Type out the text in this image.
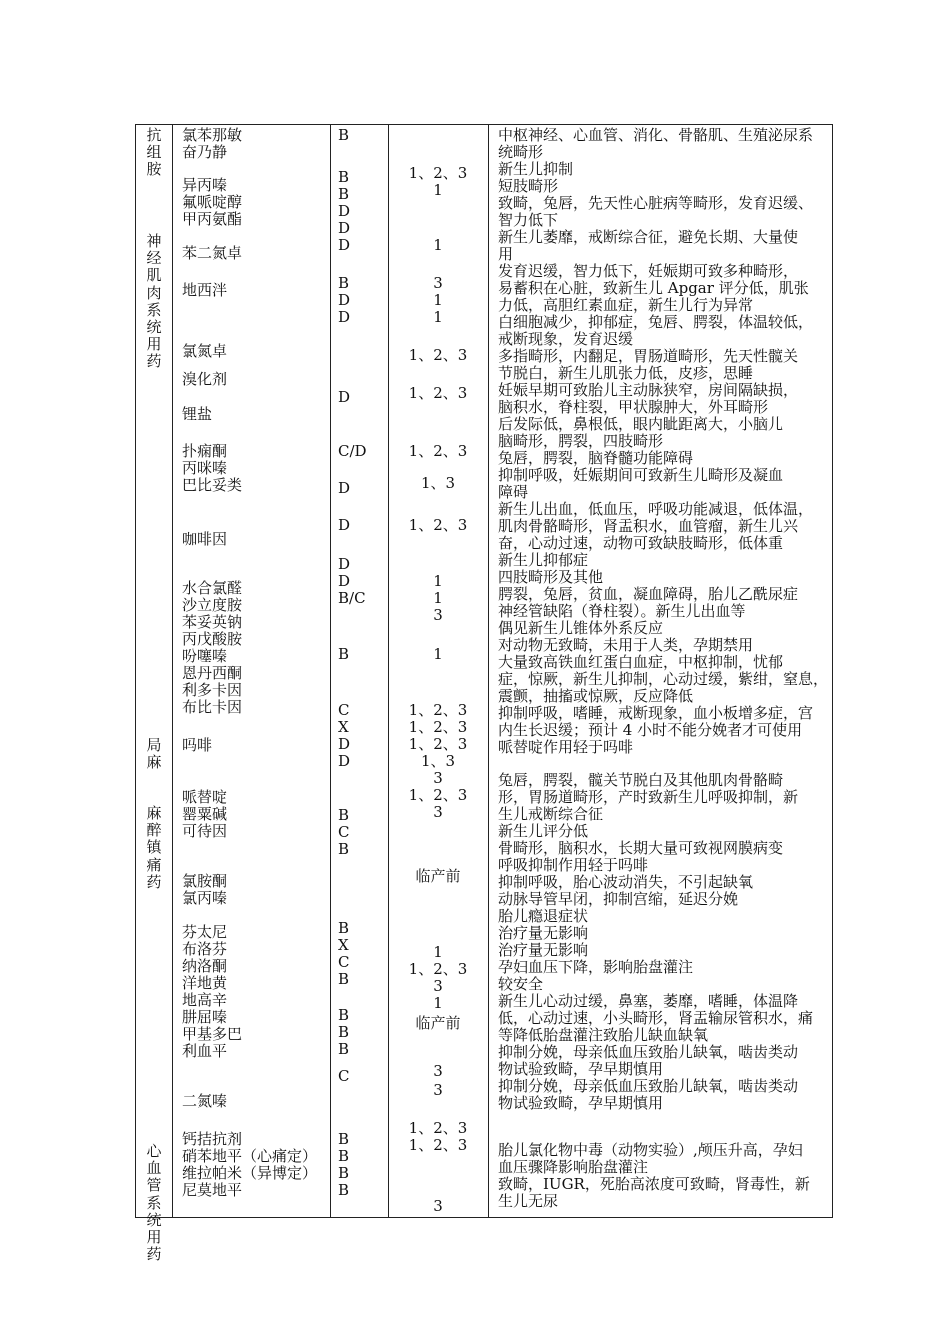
抗
组
胺
神
经
肌
肉
系
统
用
药
局
麻
麻
醉
镇
痛
药
心
血
管
系
统
用
药
氯苯那敏
奋乃静
异丙嗪
氟哌啶醇
甲丙氨酯
苯二氮卓
地西泮
氯氮卓
溴化剂
锂盐
扑痫酮
丙咪嗪
巴比妥类
咖啡因
水合氯醛
沙立度胺
苯妥英钠
丙戊酸胺
吩噻嗪
恩丹西酮
利多卡因
布比卡因
吗啡
哌替啶
罂粟碱
可待因
氯胺酮
氯丙嗪
芬太尼
布洛芬
纳洛酮
洋地黄
地高辛
肼屈嗪
甲基多巴
利血平
二氮嗪
钙拮抗剂
硝苯地平（心痛定）
维拉帕米（异博定）
尼莫地平
B
B
B
D
D
D
B
D
D
D
C/D
D
D
D
D
B/C
B
C
X
D
D
B
C
B
B
X
C
B
B
B
B
C
B
B
B
B
1、2、3
1
1
3
1
1
1、2、3
1、2、3
1、2、3
1、3
1、2、3
1
1
3
1
1、2、3
1、2、3
1、2、3
1、3
3
1、2、3
3
临产前
1
1、2、3
3
1
临产前
3
3
1、2、3
1、2、3
3
中枢神经、心血管、消化、骨骼肌、生殖泌尿系
统畸形
新生儿抑制
短肢畸形
致畸，兔唇，先天性心脏病等畸形，发育迟缓、
智力低下
新生儿萎靡，戒断综合征，避免长期、大量使
用
发育迟缓，智力低下，妊娠期可致多种畸形，
易蓄积在心脏，致新生儿 Apgar 评分低，肌张
力低，高胆红素血症，新生儿行为异常
白细胞减少，抑郁症，兔唇、腭裂，体温较低，
戒断现象，发育迟缓
多指畸形，内翻足，胃肠道畸形，先天性髋关
节脱白，新生儿肌张力低，皮疹，思睡
妊娠早期可致胎儿主动脉狭窄，房间隔缺损，
脑积水，脊柱裂，甲状腺肿大，外耳畸形
后发际低，鼻根低，眼内眦距离大，小脑儿
脑畸形，腭裂，四肢畸形
兔唇，腭裂，脑脊髓功能障碍
抑制呼吸，妊娠期间可致新生儿畸形及凝血
障碍
新生儿出血，低血压，呼吸功能减退，低体温，
肌肉骨骼畸形，肾盂积水，血管瘤，新生儿兴
奋，心动过速，动物可致缺肢畸形，低体重
新生儿抑郁症
四肢畸形及其他
腭裂，兔唇，贫血，凝血障碍，胎儿乙酰尿症
神经管缺陷（脊柱裂）。新生儿出血等
偶见新生儿锥体外系反应
对动物无致畸，未用于人类，孕期禁用
大量致高铁血红蛋白血症，中枢抑制，忧郁
症，惊厥，新生儿抑制，心动过缓，紫绀，窒息，
震颤，抽搐或惊厥，反应降低
抑制呼吸，嗜睡，戒断现象，血小板增多症，宫
内生长迟缓；预计 4 小时不能分娩者才可使用
哌替啶作用轻于吗啡
兔唇，腭裂，髋关节脱白及其他肌肉骨骼畸
形，胃肠道畸形，产时致新生儿呼吸抑制，新
生儿戒断综合征
新生儿评分低
骨畸形，脑积水，长期大量可致视网膜病变
呼吸抑制作用轻于吗啡
抑制呼吸，胎心波动消失，不引起缺氧
动脉导管早闭，抑制宫缩，延迟分娩
胎儿瘾退症状
治疗量无影响
治疗量无影响
孕妇血压下降，影响胎盘灌注
较安全
新生儿心动过缓，鼻塞，萎靡，嗜睡，体温降
低，心动过速，小头畸形，肾盂输尿管积水，痛
等降低胎盘灌注致胎儿缺血缺氧
抑制分娩，母亲低血压致胎儿缺氧，啮齿类动
物试验致畸，孕早期慎用
抑制分娩，母亲低血压致胎儿缺氧，啮齿类动
物试验致畸，孕早期慎用
胎儿氯化物中毒（动物实验）,颅压升高，孕妇
血压骤降影响胎盘灌注
致畸，IUGR，死胎高浓度可致畸，肾毒性，新
生儿无尿
